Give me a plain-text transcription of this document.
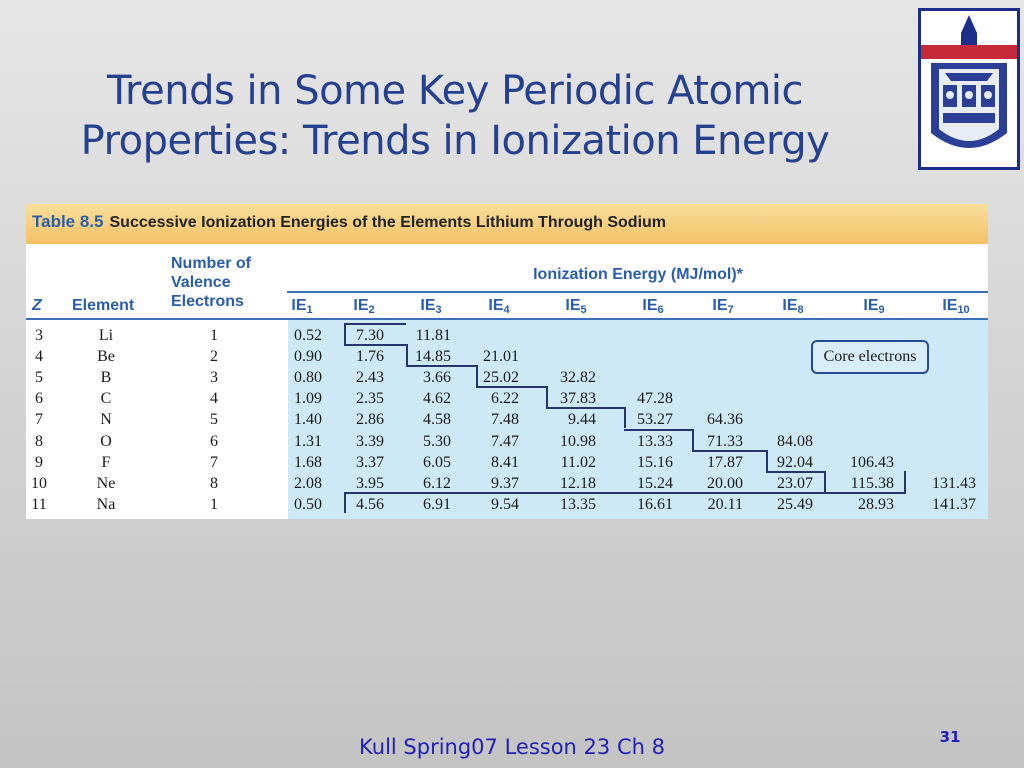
Trends in Some Key Periodic Atomic
Properties: Trends in Ionization Energy
Table 8.5 Successive Ionization Energies of the Elements Lithium Through Sodium
Z Element
Number of
Valence
Electrons
Ionization Energy (MJ/mol)*
$IE_1$	$IE_2$	$IE_3$	$IE_4$	$IE_5$	$IE_6$	$IE_7$	$IE_8$	$IE_9$	$IE_{10}$
3	Li	1	0.52	7.30	11.81
4	Be	2	0.90	1.76	14.85	21.01
5	B	3	0.80	2.43	3.66	25.02	32.82
6	C	4	1.09	2.35	4.62	6.22	37.83	47.28
7	N	5	1.40	2.86	4.58	7.48	9.44	53.27	64.36
8	O	6	1.31	3.39	5.30	7.47	10.98	13.33	71.33	84.08
9	F	7	1.68	3.37	6.05	8.41	11.02	15.16	17.87	92.04	106.43
10	Ne	8	2.08	3.95	6.12	9.37	12.18	15.24	20.00	23.07	115.38	131.43
11	Na	1	0.50	4.56	6.91	9.54	13.35	16.61	20.11	25.49	28.93	141.37
Core electrons
Kull Spring07 Lesson 23 Ch 8	31
